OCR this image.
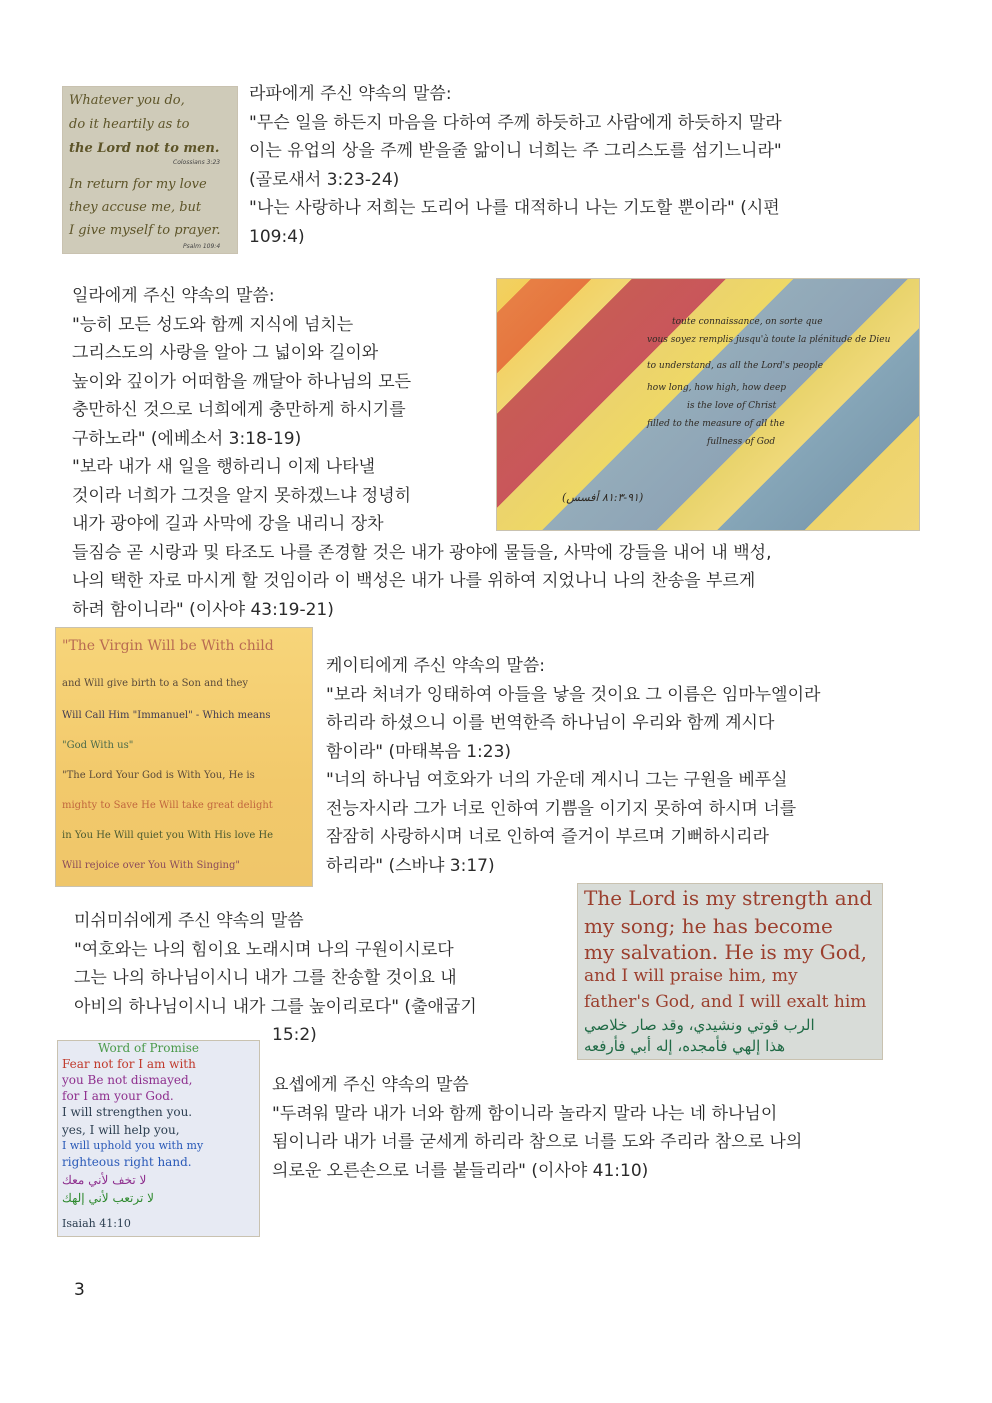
라파에게 주신 약속의 말씀:
"무슨 일을 하든지 마음을 다하여 주께 하듯하고 사람에게 하듯하지 말라
이는 유업의 상을 주께 받을줄 앎이니 너희는 주 그리스도를 섬기느니라"
(골로새서 3:23-24)
"나는 사랑하나 저희는 도리어 나를 대적하니 나는 기도할 뿐이라" (시편
109:4)
Whatever you do,
do it heartily as to
the Lord not to men.
Colossians 3:23
In return for my love
they accuse me, but
I give myself to prayer.
Psalm 109:4
일라에게 주신 약속의 말씀:
"능히 모든 성도와 함께 지식에 넘치는
그리스도의 사랑을 알아 그 넓이와 길이와
높이와 깊이가 어떠함을 깨달아 하나님의 모든
충만하신 것으로 너희에게 충만하게 하시기를
구하노라" (에베소서 3:18-19)
"보라 내가 새 일을 행하리니 이제 나타낼
것이라 너희가 그것을 알지 못하겠느냐 정녕히
내가 광야에 길과 사막에 강을 내리니 장차
들짐승 곧 시랑과 및 타조도 나를 존경할 것은 내가 광야에 물들을, 사막에 강들을 내어 내 백성,
나의 택한 자로 마시게 할 것임이라 이 백성은 내가 나를 위하여 지었나니 나의 찬송을 부르게
하려 함이니라" (이사야 43:19-21)
toute connaissance, on sorte que
vous soyez remplis jusqu'à toute la plénitude de Dieu
to understand, as all the Lord's people
how long, how high, how deep
is the love of Christ
filled to the measure of all the
fullness of God
(٩١-٨١:٣ أفسس)
케이티에게 주신 약속의 말씀:
"보라 처녀가 잉태하여 아들을 낳을 것이요 그 이름은 임마누엘이라
하리라 하셨으니 이를 번역한즉 하나님이 우리와 함께 계시다
함이라" (마태복음 1:23)
"너의 하나님 여호와가 너의 가운데 계시니 그는 구원을 베푸실
전능자시라 그가 너로 인하여 기쁨을 이기지 못하여 하시며 너를
잠잠히 사랑하시며 너로 인하여 즐거이 부르며 기뻐하시리라
하리라" (스바냐 3:17)
"The Virgin Will be With child
and Will give birth to a Son and they
Will Call Him "Immanuel" - Which means
"God With us"
"The Lord Your God is With You, He is
mighty to Save He Will take great delight
in You He Will quiet you With His love He
Will rejoice over You With Singing"
미쉬미쉬에게 주신 약속의 말씀
"여호와는 나의 힘이요 노래시며 나의 구원이시로다
그는 나의 하나님이시니 내가 그를 찬송할 것이요 내
아비의 하나님이시니 내가 그를 높이리로다" (출애굽기
15:2)
The Lord is my strength and
my song; he has become
my salvation. He is my God,
and I will praise him, my
father's God, and I will exalt him
الرب قوتي ونشيدي، وقد صار خلاصي
هذا إلهي فأمجده، إله أبي فأرفعه
요셉에게 주신 약속의 말씀
"두려워 말라 내가 너와 함께 함이니라 놀라지 말라 나는 네 하나님이
됨이니라 내가 너를 굳세게 하리라 참으로 너를 도와 주리라 참으로 나의
의로운 오른손으로 너를 붙들리라" (이사야 41:10)
Word of Promise
Fear not for I am with
you Be not dismayed,
for I am your God.
I will strengthen you.
yes, I will help you,
I will uphold you with my
righteous right hand.
لا تخف لأني معك
لا ترتعب لأني إلهك
Isaiah 41:10
3
